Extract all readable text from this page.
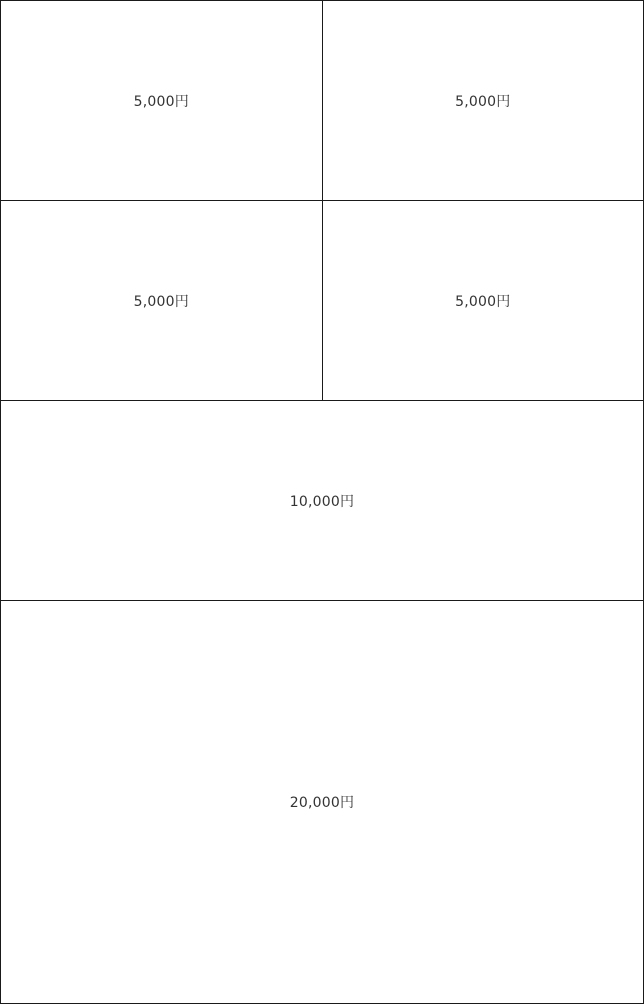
5,000円	5,000円
5,000円	5,000円
10,000円
20,000円
